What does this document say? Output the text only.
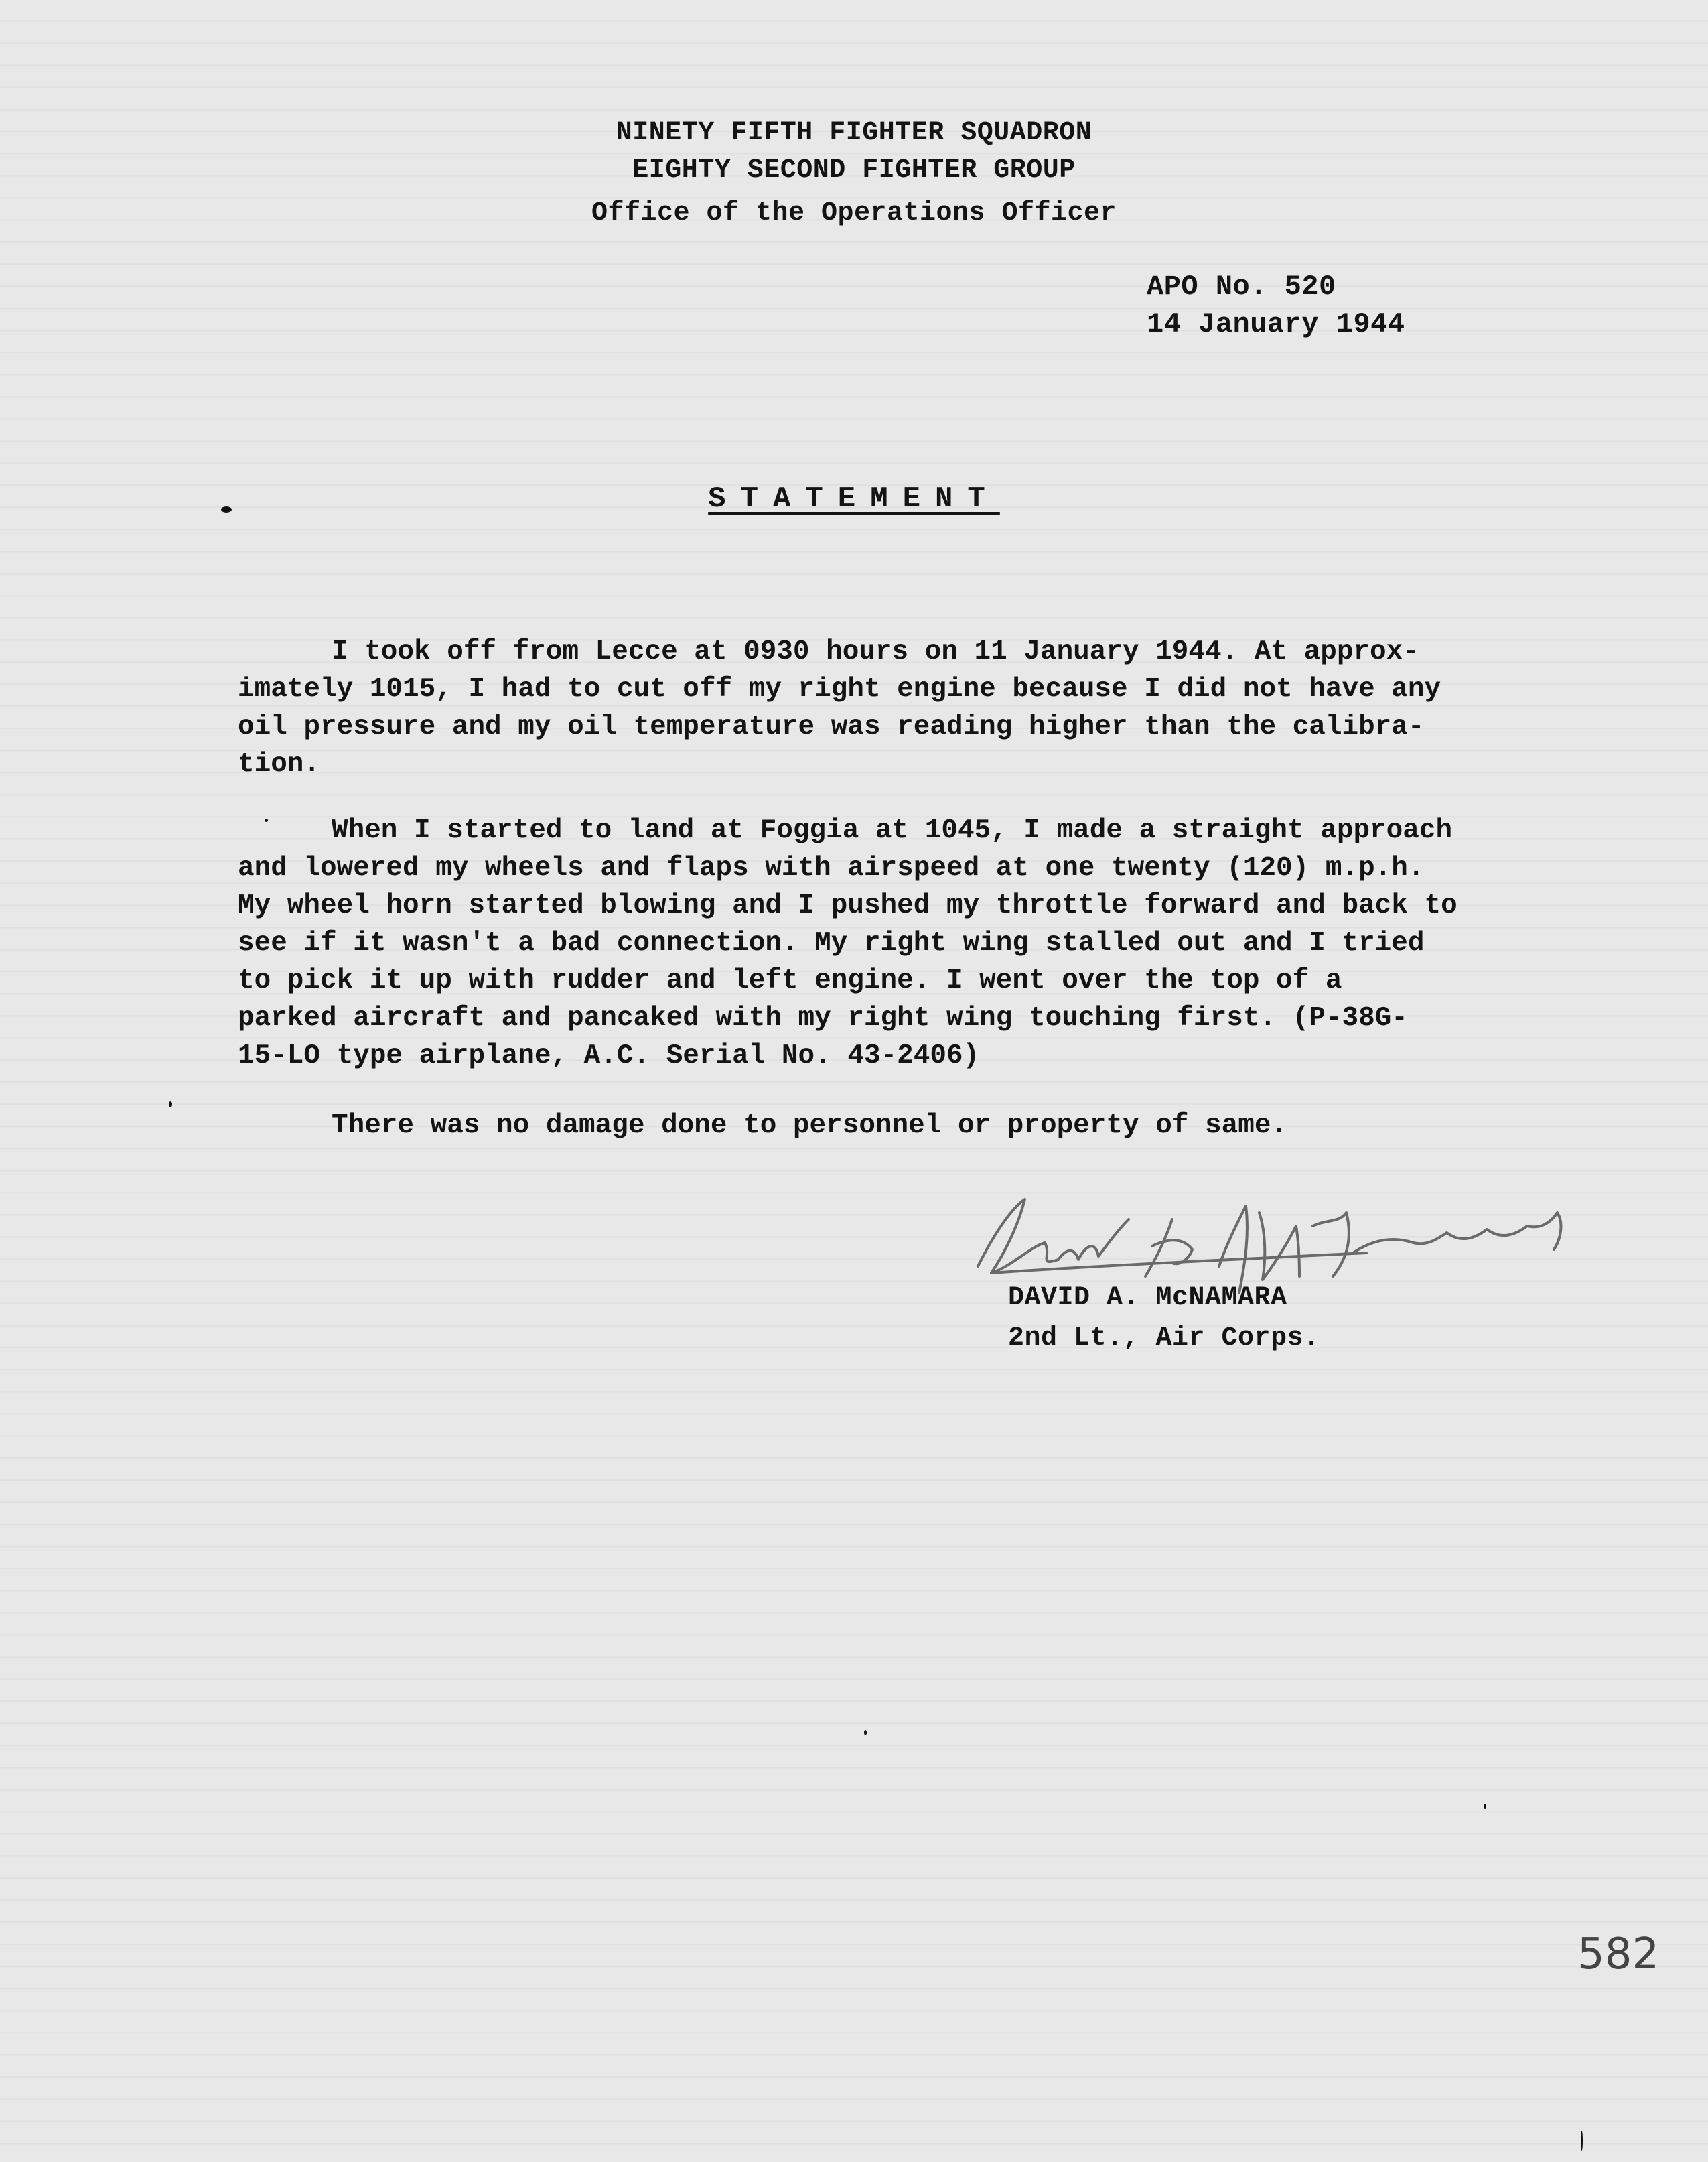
NINETY FIFTH FIGHTER SQUADRON
EIGHTY SECOND FIGHTER GROUP
Office of the Operations Officer
APO No. 520
14 January 1944
STATEMENT
I took off from Lecce at 0930 hours on 11 January 1944. At approx-
imately 1015, I had to cut off my right engine because I did not have any
oil pressure and my oil temperature was reading higher than the calibra-
tion.
When I started to land at Foggia at 1045, I made a straight approach
and lowered my wheels and flaps with airspeed at one twenty (120) m.p.h.
My wheel horn started blowing and I pushed my throttle forward and back to
see if it wasn't a bad connection. My right wing stalled out and I tried
to pick it up with rudder and left engine. I went over the top of a
parked aircraft and pancaked with my right wing touching first. (P-38G-
15-LO type airplane, A.C. Serial No. 43-2406)
There was no damage done to personnel or property of same.
DAVID A. McNAMARA
2nd Lt., Air Corps.
582
